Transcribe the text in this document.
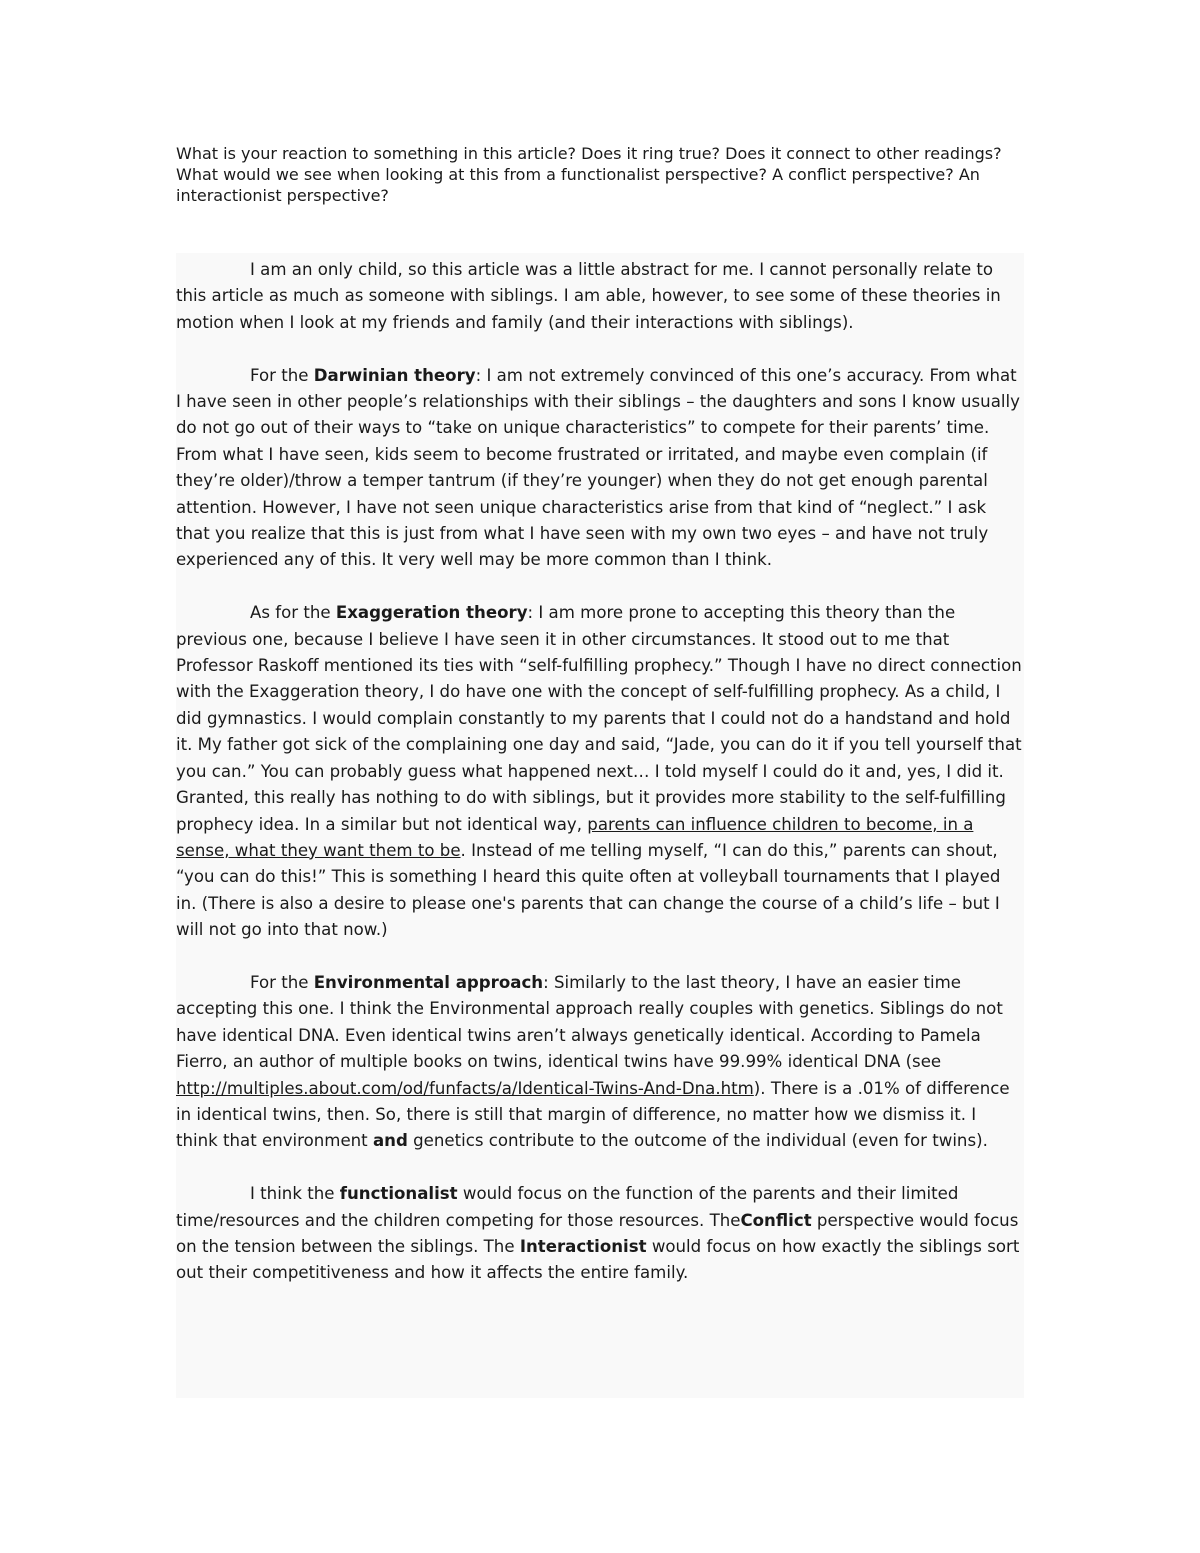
What is your reaction to something in this article? Does it ring true? Does it connect to other readings? What would we see when looking at this from a functionalist perspective? A conflict perspective? An interactionist perspective?

I am an only child, so this article was a little abstract for me. I cannot personally relate to this article as much as someone with siblings. I am able, however, to see some of these theories in motion when I look at my friends and family (and their interactions with siblings).

For the Darwinian theory: I am not extremely convinced of this one’s accuracy. From what I have seen in other people’s relationships with their siblings – the daughters and sons I know usually do not go out of their ways to “take on unique characteristics” to compete for their parents’ time. From what I have seen, kids seem to become frustrated or irritated, and maybe even complain (if they’re older)/throw a temper tantrum (if they’re younger) when they do not get enough parental attention. However, I have not seen unique characteristics arise from that kind of “neglect.” I ask that you realize that this is just from what I have seen with my own two eyes – and have not truly experienced any of this. It very well may be more common than I think.

As for the Exaggeration theory: I am more prone to accepting this theory than the previous one, because I believe I have seen it in other circumstances. It stood out to me that Professor Raskoff mentioned its ties with “self-fulfilling prophecy.” Though I have no direct connection with the Exaggeration theory, I do have one with the concept of self-fulfilling prophecy. As a child, I did gymnastics. I would complain constantly to my parents that I could not do a handstand and hold it. My father got sick of the complaining one day and said, “Jade, you can do it if you tell yourself that you can.” You can probably guess what happened next… I told myself I could do it and, yes, I did it. Granted, this really has nothing to do with siblings, but it provides more stability to the self-fulfilling prophecy idea. In a similar but not identical way, parents can influence children to become, in a sense, what they want them to be. Instead of me telling myself, “I can do this,” parents can shout, “you can do this!” This is something I heard this quite often at volleyball tournaments that I played in. (There is also a desire to please one's parents that can change the course of a child’s life – but I will not go into that now.)

For the Environmental approach: Similarly to the last theory, I have an easier time accepting this one. I think the Environmental approach really couples with genetics. Siblings do not have identical DNA. Even identical twins aren’t always genetically identical. According to Pamela Fierro, an author of multiple books on twins, identical twins have 99.99% identical DNA (see http://multiples.about.com/od/funfacts/a/Identical-Twins-And-Dna.htm). There is a .01% of difference in identical twins, then. So, there is still that margin of difference, no matter how we dismiss it. I think that environment and genetics contribute to the outcome of the individual (even for twins).

I think the functionalist would focus on the function of the parents and their limited time/resources and the children competing for those resources. TheConflict perspective would focus on the tension between the siblings. The Interactionist would focus on how exactly the siblings sort out their competitiveness and how it affects the entire family.
